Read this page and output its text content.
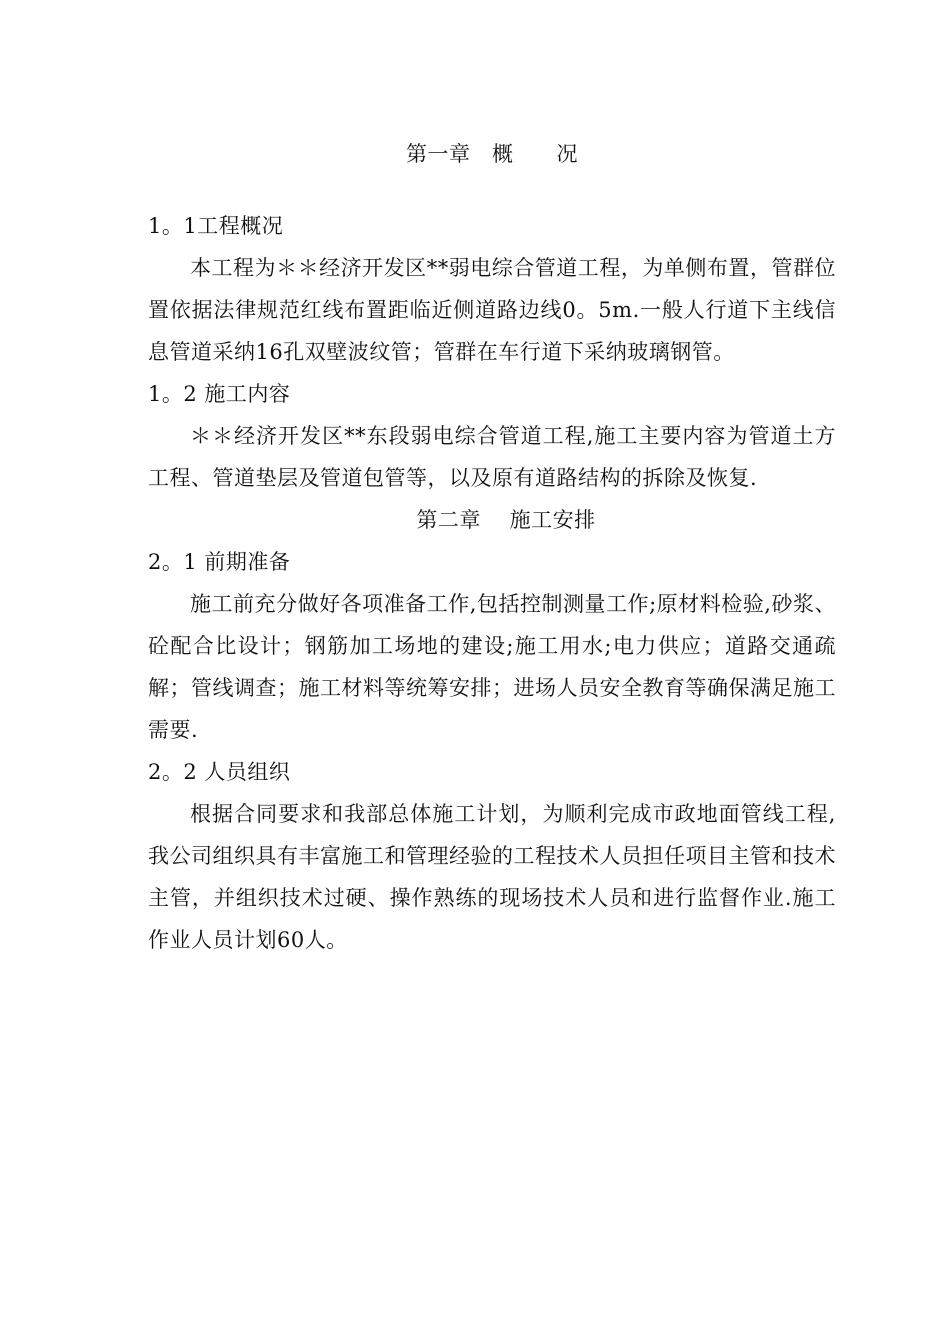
第一章　概　　况
1。1工程概况

本工程为＊＊经济开发区**弱电综合管道工程，为单侧布置，管群位置依据法律规范红线布置距临近侧道路边线0。5m.一般人行道下主线信息管道采纳16孔双壁波纹管；管群在车行道下采纳玻璃钢管。

1。2 施工内容

＊＊经济开发区**东段弱电综合管道工程,施工主要内容为管道土方工程、管道垫层及管道包管等，以及原有道路结构的拆除及恢复.

第二章　 施工安排
2。1 前期准备

施工前充分做好各项准备工作,包括控制测量工作;原材料检验,砂浆、砼配合比设计；钢筋加工场地的建设;施工用水;电力供应；道路交通疏解；管线调查；施工材料等统筹安排；进场人员安全教育等确保满足施工需要.

2。2 人员组织

根据合同要求和我部总体施工计划，为顺利完成市政地面管线工程,我公司组织具有丰富施工和管理经验的工程技术人员担任项目主管和技术主管，并组织技术过硬、操作熟练的现场技术人员和进行监督作业.施工作业人员计划60人。
